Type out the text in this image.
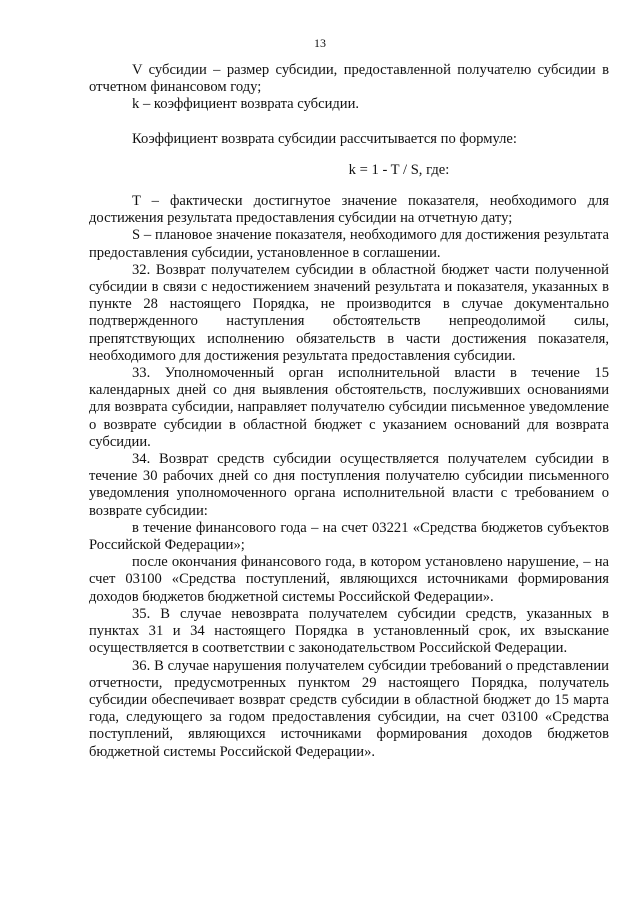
13

V субсидии – размер субсидии, предоставленной получателю субсидии в отчетном финансовом году;

k – коэффициент возврата субсидии.

Коэффициент возврата субсидии рассчитывается по формуле:

k = 1 - T / S, где:

T – фактически достигнутое значение показателя, необходимого для достижения результата предоставления субсидии на отчетную дату;

S – плановое значение показателя, необходимого для достижения результата предоставления субсидии, установленное в соглашении.

32. Возврат получателем субсидии в областной бюджет части полученной субсидии в связи с недостижением значений результата и показателя, указанных в пункте 28 настоящего Порядка, не производится в случае документально подтвержденного наступления обстоятельств непреодолимой силы, препятствующих исполнению обязательств в части достижения показателя, необходимого для достижения результата предоставления субсидии.

33. Уполномоченный орган исполнительной власти в течение 15 календарных дней со дня выявления обстоятельств, послуживших основаниями для возврата субсидии, направляет получателю субсидии письменное уведомление о возврате субсидии в областной бюджет с указанием оснований для возврата субсидии.

34. Возврат средств субсидии осуществляется получателем субсидии в течение 30 рабочих дней со дня поступления получателю субсидии письменного уведомления уполномоченного органа исполнительной власти с требованием о возврате субсидии:

в течение финансового года – на счет 03221 «Средства бюджетов субъектов Российской Федерации»;

после окончания финансового года, в котором установлено нарушение, – на счет 03100 «Средства поступлений, являющихся источниками формирования доходов бюджетов бюджетной системы Российской Федерации».

35. В случае невозврата получателем субсидии средств, указанных в пунктах 31 и 34 настоящего Порядка в установленный срок, их взыскание осуществляется в соответствии с законодательством Российской Федерации.

36. В случае нарушения получателем субсидии требований о представлении отчетности, предусмотренных пунктом 29 настоящего Порядка, получатель субсидии обеспечивает возврат средств субсидии в областной бюджет до 15 марта года, следующего за годом предоставления субсидии, на счет 03100 «Средства поступлений, являющихся источниками формирования доходов бюджетов бюджетной системы Российской Федерации».
